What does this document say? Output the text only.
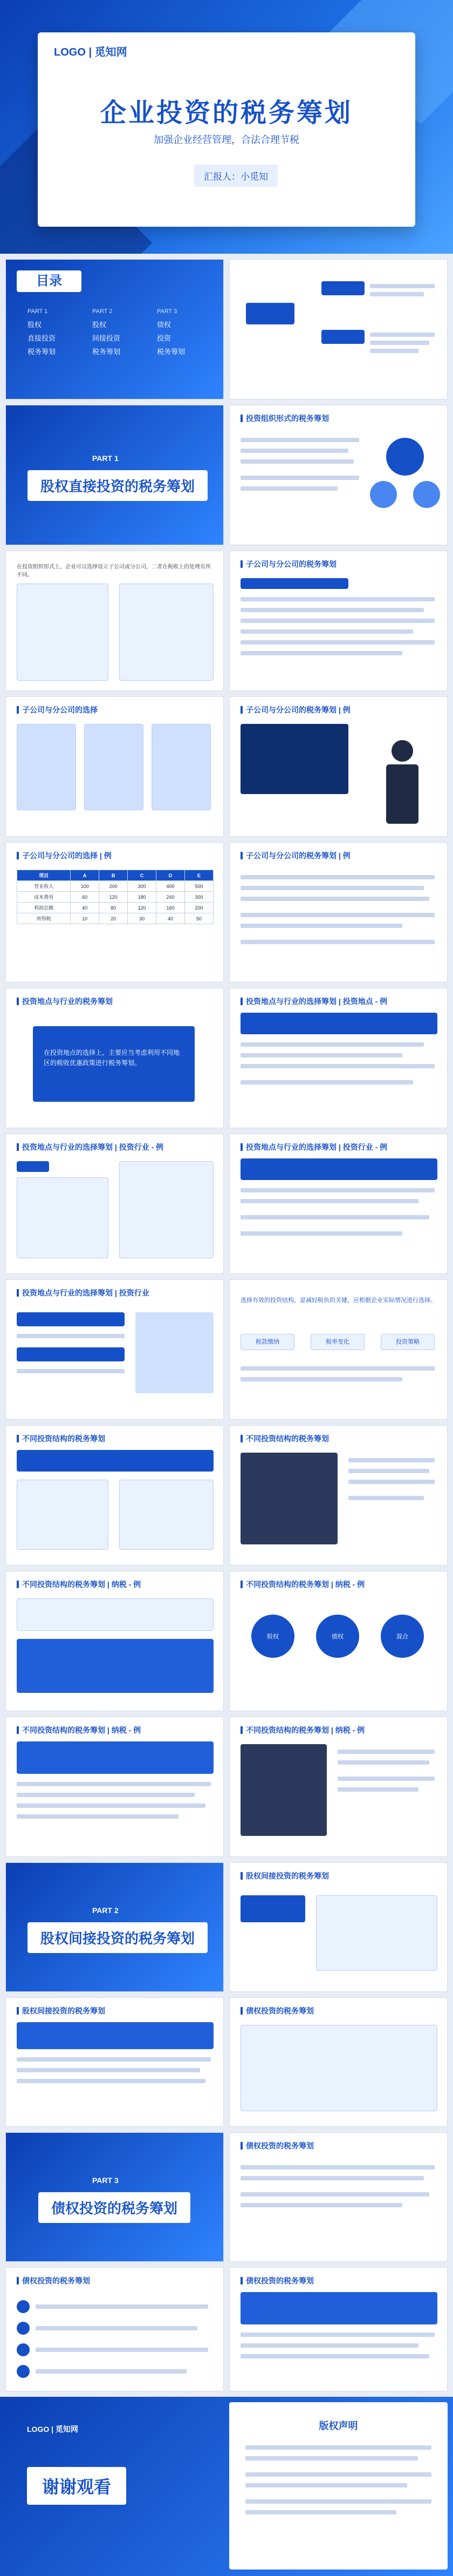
LOGO | 觅知网
企业投资的税务筹划
加强企业经营管理，合法合理节税
汇报人：小觅知
目录
PART 1
股权
直接投资
税务筹划
PART 2
股权
间接投资
税务筹划
PART 3
债权
投资
税务筹划
PART 1
股权直接投资的税务筹划
投资组织形式的税务筹划
在投资组织形式上，企业可以选择设立子公司或分公司，二者在税收上的处理有所不同。
子公司与分公司的税务筹划
子公司与分公司的选择	子公司与分公司的税务筹划 | 例
子公司与分公司的选择 | 例
项目	A	B	C	D	E
营业收入	100	200	300	400	500
成本费用	60	120	180	240	300
利润总额	40	80	120	160	200
所得税	10	20	30	40	50
子公司与分公司的税务筹划 | 例
投资地点与行业的税务筹划
在投资地点的选择上，主要应当考虑利用不同地区的税收优惠政策进行税务筹划。
投资地点与行业的选择筹划 | 投资地点 - 例
投资地点与行业的选择筹划 | 投资行业 - 例	投资地点与行业的选择筹划 | 投资行业 - 例
投资地点与行业的选择筹划 | 投资行业
选择有效的投资结构，是减轻税负的关键，应根据企业实际情况进行选择。
税款缴纳	税率变化	投资策略
不同投资结构的税务筹划	不同投资结构的税务筹划
不同投资结构的税务筹划 | 纳税 - 例	不同投资结构的税务筹划 | 纳税 - 例
股权	债权	混合
不同投资结构的税务筹划 | 纳税 - 例	不同投资结构的税务筹划 | 纳税 - 例
PART 2
股权间接投资的税务筹划
股权间接投资的税务筹划
股权间接投资的税务筹划	债权投资的税务筹划
PART 3
债权投资的税务筹划
债权投资的税务筹划
债权投资的税务筹划	债权投资的税务筹划
LOGO | 觅知网
谢谢观看
版权声明
